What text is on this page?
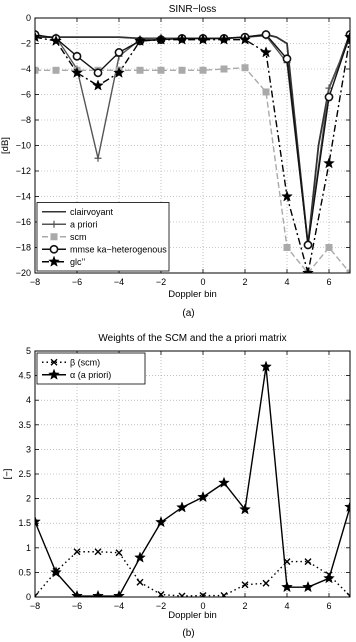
−8	−6	−4	−2	0	2	4	6
0
−2
−4
−6
−8
−10
−12
−14
−16
−18
−20
SINR−loss
Doppler bin
[dB]
(a)
clairvoyant
a priori
scm
mmse ka−heterogenous
glc’’
−8	−6	−4	−2	0	2	4	6
0
0.5
1
1.5
2
2.5
3
3.5
4
4.5
5
Weights of the SCM and the a priori matrix
Doppler bin
[−]
(b)
β (scm)
α (a priori)
